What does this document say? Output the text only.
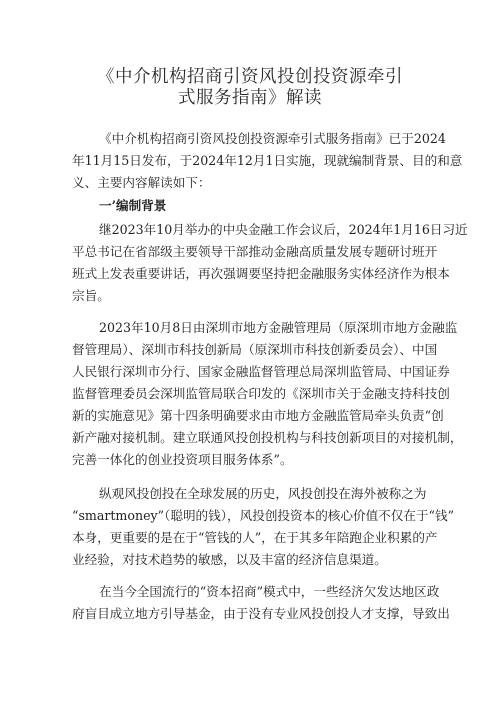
《中介机构招商引资风投创投资源牵引
式服务指南》解读
《中介机构招商引资风投创投资源牵引式服务指南》已于2024
年11月15日发布，于2024年12月1日实施，现就编制背景、目的和意
义、主要内容解读如下：
一’编制背景
继2023年10月举办的中央金融工作会议后，2024年1月16日习近
平总书记在省部级主要领导干部推动金融高质量发展专题研讨班开
班式上发表重要讲话，再次强调要坚持把金融服务实体经济作为根本
宗旨。
2023年10月8日由深圳市地方金融管理局（原深圳市地方金融监
督管理局）、深圳市科技创新局（原深圳市科技创新委员会）、中国
人民银行深圳市分行、国家金融监督管理总局深圳监管局、中国证券
监督管理委员会深圳监管局联合印发的《深圳市关于金融支持科技创
新的实施意见》第十四条明确要求由市地方金融监管局牵头负责“创
新产融对接机制。建立联通风投创投机构与科技创新项目的对接机制，
完善一体化的创业投资项目服务体系”。
纵观风投创投在全球发展的历史，风投创投在海外被称之为
“smartmoney”（聪明的钱），风投创投资本的核心价值不仅在于“钱”
本身，更重要的是在于“管钱的人”，在于其多年陪跑企业积累的产
业经验，对技术趋势的敏感，以及丰富的经济信息渠道。
在当今全国流行的“资本招商”模式中，一些经济欠发达地区政
府盲目成立地方引导基金，由于没有专业风投创投人才支撑，导致出
